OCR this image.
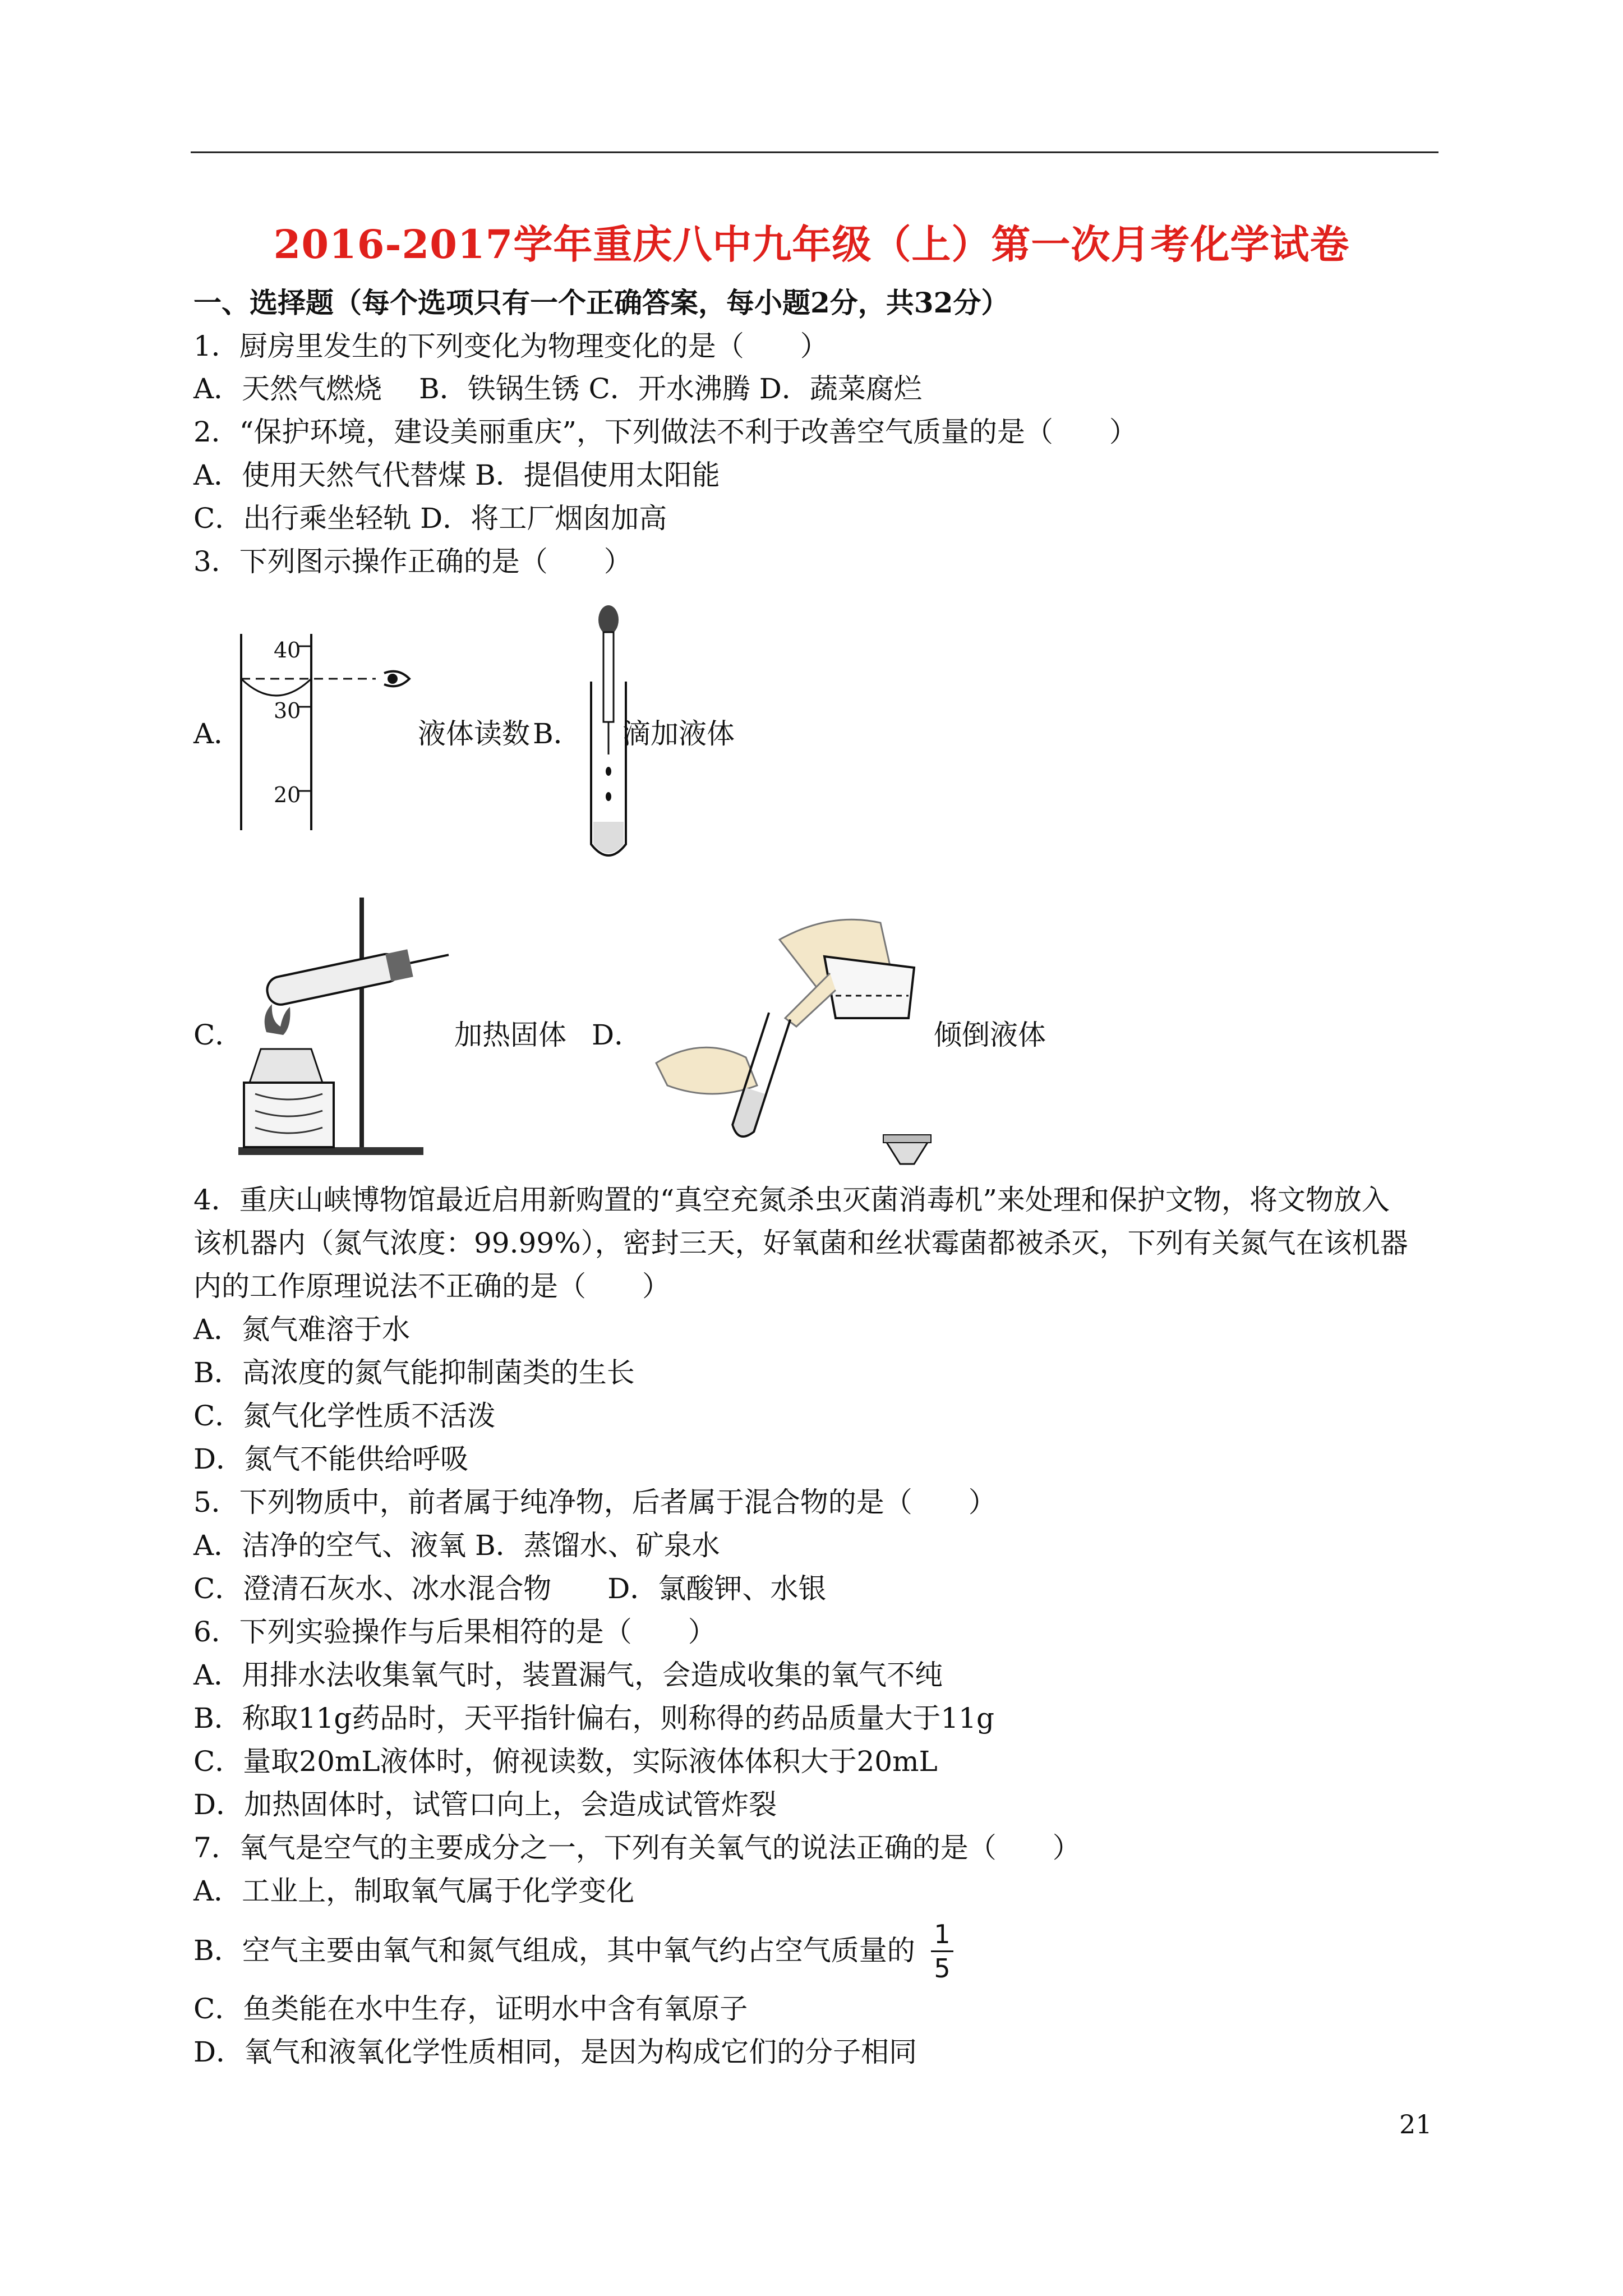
2016-2017学年重庆八中九年级（上）第一次月考化学试卷
一、选择题（每个选项只有一个正确答案，每小题2分，共32分）
1．厨房里发生的下列变化为物理变化的是（　　）
A．天然气燃烧　 B．铁锅生锈 C．开水沸腾 D．蔬菜腐烂
2．“保护环境，建设美丽重庆”，下列做法不利于改善空气质量的是（　　）
A．使用天然气代替煤 B．提倡使用太阳能
C．出行乘坐轻轨 D．将工厂烟囱加高
3．下列图示操作正确的是（　　）
A．
40
30
20
液体读数 B． 滴加液体
C．	加热固体 D．	倾倒液体
4．重庆山峡博物馆最近启用新购置的“真空充氮杀虫灭菌消毒机”来处理和保护文物，将文物放入
该机器内（氮气浓度：99.99%），密封三天，好氧菌和丝状霉菌都被杀灭，下列有关氮气在该机器
内的工作原理说法不正确的是（　　）
A．氮气难溶于水
B．高浓度的氮气能抑制菌类的生长
C．氮气化学性质不活泼
D．氮气不能供给呼吸
5．下列物质中，前者属于纯净物，后者属于混合物的是（　　）
A．洁净的空气、液氧 B．蒸馏水、矿泉水
C．澄清石灰水、冰水混合物　　D．氯酸钾、水银
6．下列实验操作与后果相符的是（　　）
A．用排水法收集氧气时，装置漏气，会造成收集的氧气不纯
B．称取11g药品时，天平指针偏右，则称得的药品质量大于11g
C．量取20mL液体时，俯视读数，实际液体体积大于20mL
D．加热固体时，试管口向上，会造成试管炸裂
7．氧气是空气的主要成分之一，下列有关氧气的说法正确的是（　　）
A．工业上，制取氧气属于化学变化
B．空气主要由氧气和氮气组成，其中氧气约占空气质量的 1
5
C．鱼类能在水中生存，证明水中含有氧原子
D．氧气和液氧化学性质相同，是因为构成它们的分子相同
21
